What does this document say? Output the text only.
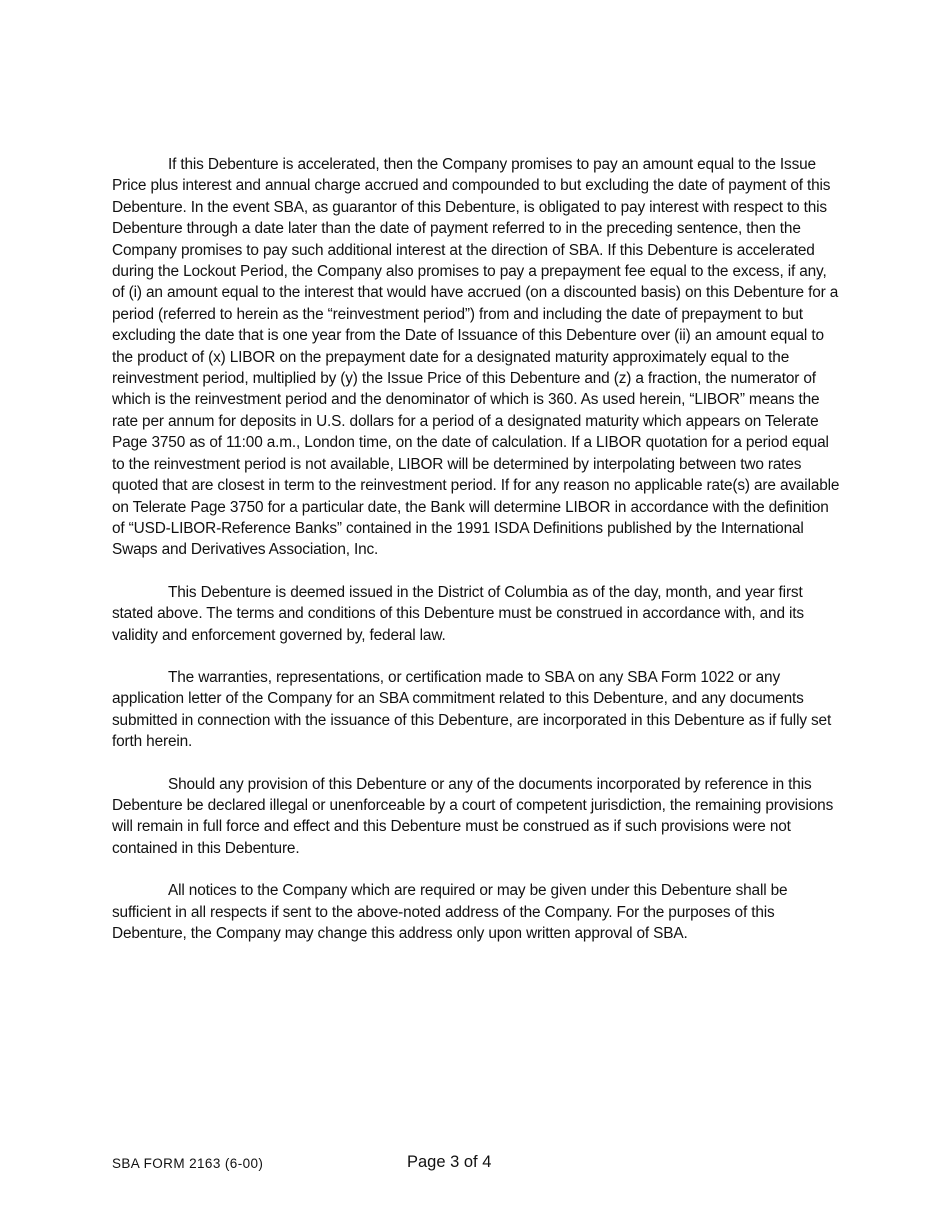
If this Debenture is accelerated, then the Company promises to pay an amount equal to the Issue Price plus interest and annual charge accrued and compounded to but excluding the date of payment of this Debenture. In the event SBA, as guarantor of this Debenture, is obligated to pay interest with respect to this Debenture through a date later than the date of payment referred to in the preceding sentence, then the Company promises to pay such additional interest at the direction of SBA. If this Debenture is accelerated during the Lockout Period, the Company also promises to pay a prepayment fee equal to the excess, if any, of (i) an amount equal to the interest that would have accrued (on a discounted basis) on this Debenture for a period (referred to herein as the “reinvestment period”) from and including the date of prepayment to but excluding the date that is one year from the Date of Issuance of this Debenture over (ii) an amount equal to the product of (x) LIBOR on the prepayment date for a designated maturity approximately equal to the reinvestment period, multiplied by (y) the Issue Price of this Debenture and (z) a fraction, the numerator of which is the reinvestment period and the denominator of which is 360. As used herein, “LIBOR” means the rate per annum for deposits in U.S. dollars for a period of a designated maturity which appears on Telerate Page 3750 as of 11:00 a.m., London time, on the date of calculation. If a LIBOR quotation for a period equal to the reinvestment period is not available, LIBOR will be determined by interpolating between two rates quoted that are closest in term to the reinvestment period. If for any reason no applicable rate(s) are available on Telerate Page 3750 for a particular date, the Bank will determine LIBOR in accordance with the definition of “USD-LIBOR-Reference Banks” contained in the 1991 ISDA Definitions published by the International Swaps and Derivatives Association, Inc.

This Debenture is deemed issued in the District of Columbia as of the day, month, and year first stated above. The terms and conditions of this Debenture must be construed in accordance with, and its validity and enforcement governed by, federal law.

The warranties, representations, or certification made to SBA on any SBA Form 1022 or any application letter of the Company for an SBA commitment related to this Debenture, and any documents submitted in connection with the issuance of this Debenture, are incorporated in this Debenture as if fully set forth herein.

Should any provision of this Debenture or any of the documents incorporated by reference in this Debenture be declared illegal or unenforceable by a court of competent jurisdiction, the remaining provisions will remain in full force and effect and this Debenture must be construed as if such provisions were not contained in this Debenture.

All notices to the Company which are required or may be given under this Debenture shall be sufficient in all respects if sent to the above-noted address of the Company. For the purposes of this Debenture, the Company may change this address only upon written approval of SBA.

SBA FORM 2163 (6-00)	Page 3 of 4
